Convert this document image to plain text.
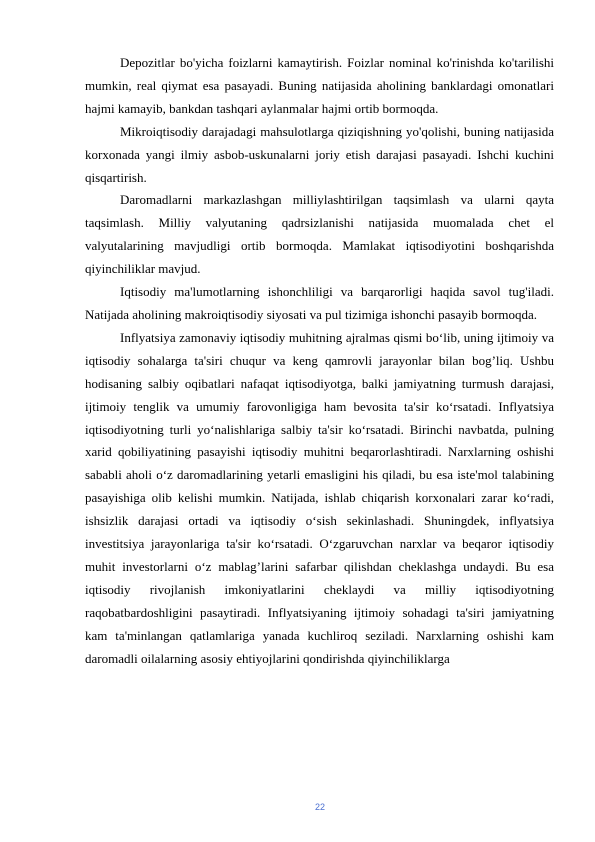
Depozitlar bo'yicha foizlarni kamaytirish. Foizlar nominal ko'rinishda ko'tarilishi mumkin, real qiymat esa pasayadi. Buning natijasida aholining banklardagi omonatlari hajmi kamayib, bankdan tashqari aylanmalar hajmi ortib bormoqda.

Mikroiqtisodiy darajadagi mahsulotlarga qiziqishning yo'qolishi, buning natijasida korxonada yangi ilmiy asbob-uskunalarni joriy etish darajasi pasayadi. Ishchi kuchini qisqartirish.

Daromadlarni markazlashgan milliylashtirilgan taqsimlash va ularni qayta taqsimlash. Milliy valyutaning qadrsizlanishi natijasida muomalada chet el valyutalarining mavjudligi ortib bormoqda. Mamlakat iqtisodiyotini boshqarishda qiyinchiliklar mavjud.

Iqtisodiy ma'lumotlarning ishonchliligi va barqarorligi haqida savol tug'iladi. Natijada aholining makroiqtisodiy siyosati va pul tizimiga ishonchi pasayib bormoqda.

Inflyatsiya zamonaviy iqtisodiy muhitning ajralmas qismi bo‘lib, uning ijtimoiy va iqtisodiy sohalarga ta'siri chuqur va keng qamrovli jarayonlar bilan bog’liq. Ushbu hodisaning salbiy oqibatlari nafaqat iqtisodiyotga, balki jamiyatning turmush darajasi, ijtimoiy tenglik va umumiy farovonligiga ham bevosita ta'sir ko‘rsatadi. Inflyatsiya iqtisodiyotning turli yo‘nalishlariga salbiy ta'sir ko‘rsatadi. Birinchi navbatda, pulning xarid qobiliyatining pasayishi iqtisodiy muhitni beqarorlashtiradi. Narxlarning oshishi sababli aholi o‘z daromadlarining yetarli emasligini his qiladi, bu esa iste'mol talabining pasayishiga olib kelishi mumkin. Natijada, ishlab chiqarish korxonalari zarar ko‘radi, ishsizlik darajasi ortadi va iqtisodiy o‘sish sekinlashadi. Shuningdek, inflyatsiya investitsiya jarayonlariga ta'sir ko‘rsatadi. O‘zgaruvchan narxlar va beqaror iqtisodiy muhit investorlarni o‘z mablag’larini safarbar qilishdan cheklashga undaydi. Bu esa iqtisodiy rivojlanish imkoniyatlarini cheklaydi va milliy iqtisodiyotning raqobatbardoshligini pasaytiradi. Inflyatsiyaning ijtimoiy sohadagi ta'siri jamiyatning kam ta'minlangan qatlamlariga yanada kuchliroq seziladi. Narxlarning oshishi kam daromadli oilalarning asosiy ehtiyojlarini qondirishda qiyinchiliklarga

22
